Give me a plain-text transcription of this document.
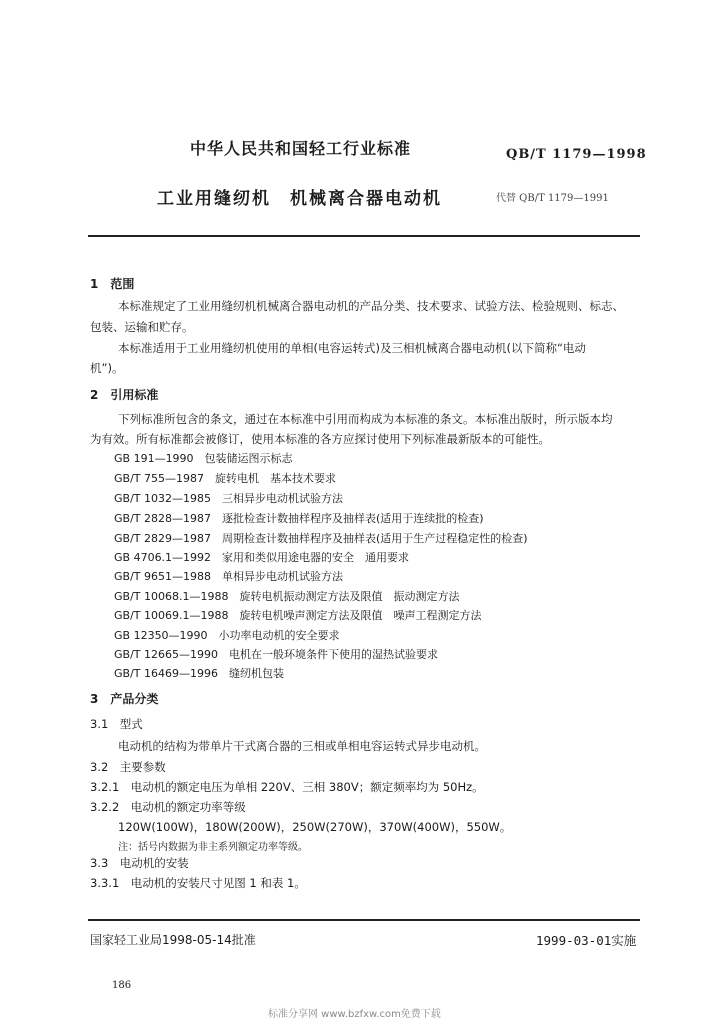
中华人民共和国轻工行业标准	QB/T 1179—1998
工业用缝纫机　机械离合器电动机	代替 QB/T 1179—1991
1　范围
本标准规定了工业用缝纫机机械离合器电动机的产品分类、技术要求、试验方法、检验规则、标志、
包装、运输和贮存。
本标准适用于工业用缝纫机使用的单相(电容运转式)及三相机械离合器电动机(以下简称“电动
机”)。
2　引用标准
下列标准所包含的条文，通过在本标准中引用而构成为本标准的条文。本标准出版时，所示版本均
为有效。所有标准都会被修订，使用本标准的各方应探讨使用下列标准最新版本的可能性。
GB 191—1990　包装储运图示标志
GB/T 755—1987　旋转电机　基本技术要求
GB/T 1032—1985　三相异步电动机试验方法
GB/T 2828—1987　逐批检查计数抽样程序及抽样表(适用于连续批的检查)
GB/T 2829—1987　周期检查计数抽样程序及抽样表(适用于生产过程稳定性的检查)
GB 4706.1—1992　家用和类似用途电器的安全　通用要求
GB/T 9651—1988　单相异步电动机试验方法
GB/T 10068.1—1988　旋转电机振动测定方法及限值　振动测定方法
GB/T 10069.1—1988　旋转电机噪声测定方法及限值　噪声工程测定方法
GB 12350—1990　小功率电动机的安全要求
GB/T 12665—1990　电机在一般环境条件下使用的湿热试验要求
GB/T 16469—1996　缝纫机包装
3　产品分类
3.1　型式
电动机的结构为带单片干式离合器的三相或单相电容运转式异步电动机。
3.2　主要参数
3.2.1　电动机的额定电压为单相 220V、三相 380V；额定频率均为 50Hz。
3.2.2　电动机的额定功率等级
120W(100W)，180W(200W)，250W(270W)，370W(400W)，550W。
注：括号内数据为非主系列额定功率等级。
3.3　电动机的安装
3.3.1　电动机的安装尺寸见图 1 和表 1。
国家轻工业局1998-05-14批准	1999-03-01实施
186
标准分享网 www.bzfxw.com免费下载
